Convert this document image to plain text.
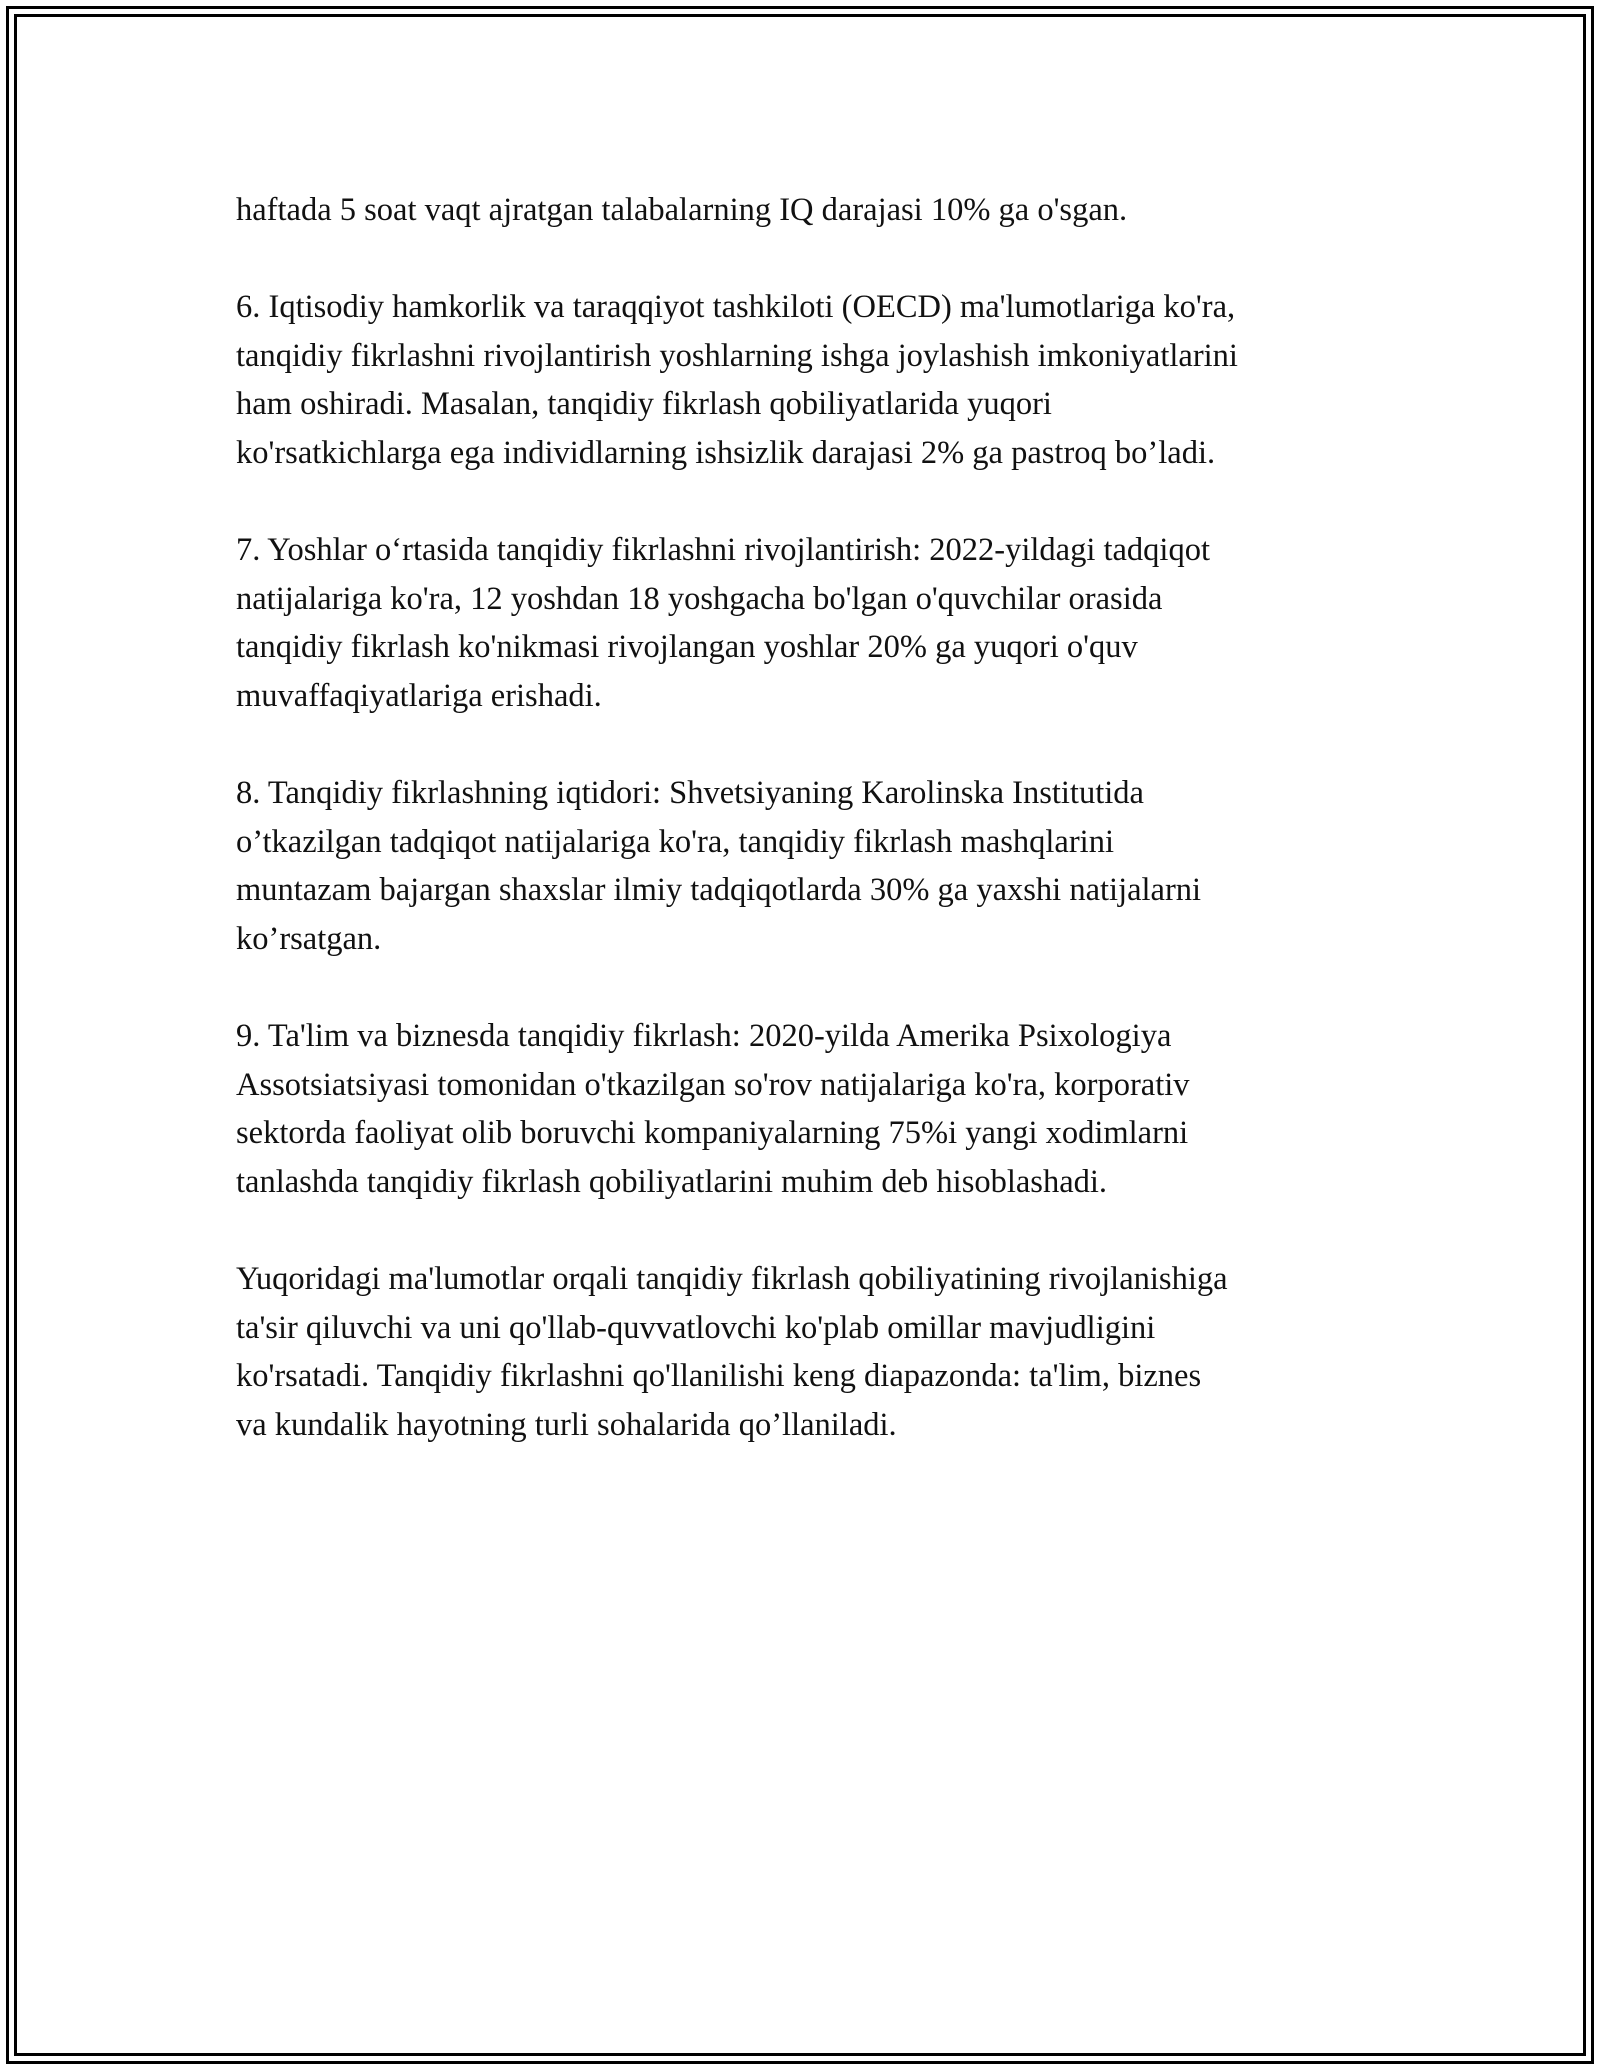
haftada 5 soat vaqt ajratgan talabalarning IQ darajasi 10% ga o'sgan.

6. Iqtisodiy hamkorlik va taraqqiyot tashkiloti (OECD) ma'lumotlariga ko'ra,
tanqidiy fikrlashni rivojlantirish yoshlarning ishga joylashish imkoniyatlarini
ham oshiradi. Masalan, tanqidiy fikrlash qobiliyatlarida yuqori
ko'rsatkichlarga ega individlarning ishsizlik darajasi 2% ga pastroq bo’ladi.

7. Yoshlar o‘rtasida tanqidiy fikrlashni rivojlantirish: 2022-yildagi tadqiqot
natijalariga ko'ra, 12 yoshdan 18 yoshgacha bo'lgan o'quvchilar orasida
tanqidiy fikrlash ko'nikmasi rivojlangan yoshlar 20% ga yuqori o'quv
muvaffaqiyatlariga erishadi.

8. Tanqidiy fikrlashning iqtidori: Shvetsiyaning Karolinska Institutida
o’tkazilgan tadqiqot natijalariga ko'ra, tanqidiy fikrlash mashqlarini
muntazam bajargan shaxslar ilmiy tadqiqotlarda 30% ga yaxshi natijalarni
ko’rsatgan.

9. Ta'lim va biznesda tanqidiy fikrlash: 2020-yilda Amerika Psixologiya
Assotsiatsiyasi tomonidan o'tkazilgan so'rov natijalariga ko'ra, korporativ
sektorda faoliyat olib boruvchi kompaniyalarning 75%i yangi xodimlarni
tanlashda tanqidiy fikrlash qobiliyatlarini muhim deb hisoblashadi.

Yuqoridagi ma'lumotlar orqali tanqidiy fikrlash qobiliyatining rivojlanishiga
ta'sir qiluvchi va uni qo'llab-quvvatlovchi ko'plab omillar mavjudligini
ko'rsatadi. Tanqidiy fikrlashni qo'llanilishi keng diapazonda: ta'lim, biznes
va kundalik hayotning turli sohalarida qo’llaniladi.
